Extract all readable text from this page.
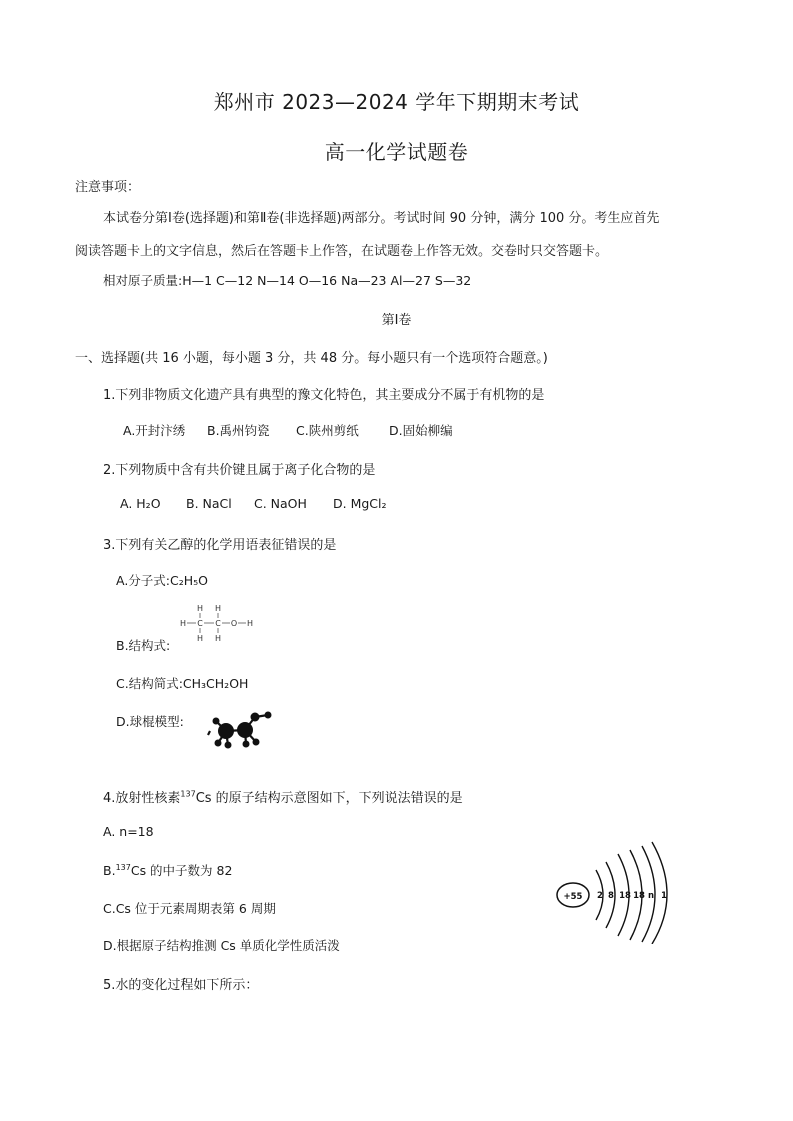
郑州市 2023—2024 学年下期期末考试
高一化学试题卷
注意事项：
本试卷分第Ⅰ卷(选择题)和第Ⅱ卷(非选择题)两部分。考试时间 90 分钟，满分 100 分。考生应首先
阅读答题卡上的文字信息，然后在答题卡上作答，在试题卷上作答无效。交卷时只交答题卡。
相对原子质量:H—1 C—12 N—14 O—16 Na—23 Al—27 S—32
第Ⅰ卷
一、选择题(共 16 小题，每小题 3 分，共 48 分。每小题只有一个选项符合题意。)
1.下列非物质文化遗产具有典型的豫文化特色，其主要成分不属于有机物的是
A.开封汴绣 B.禹州钧瓷 C.陕州剪纸 D.固始柳编
2.下列物质中含有共价键且属于离子化合物的是
A. H₂O B. NaCl C. NaOH D. MgCl₂
3.下列有关乙醇的化学用语表征错误的是
A.分子式:C₂H₅O
B.结构式:
H H
H C C O H
H H
C.结构简式:CH₃CH₂OH
D.球棍模型:
4.放射性核素$^{137}$Cs 的原子结构示意图如下，下列说法错误的是
A. n=18
B.$^{137}$Cs 的中子数为 82
C.Cs 位于元素周期表第 6 周期
D.根据原子结构推测 Cs 单质化学性质活泼
+55 2 8 18 18 n 1
5.水的变化过程如下所示：
